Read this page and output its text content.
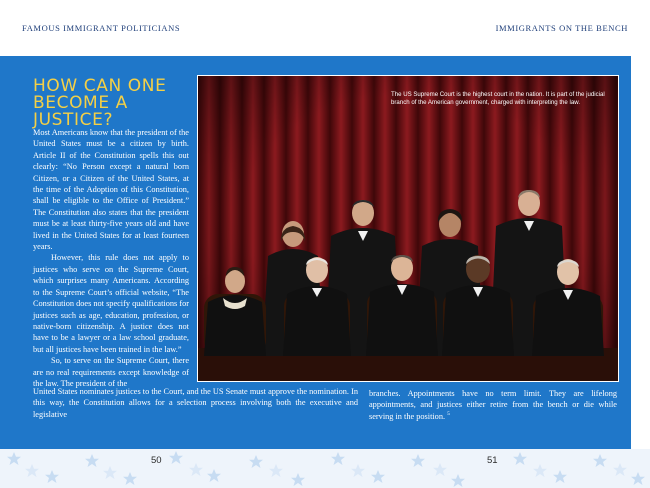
FAMOUS IMMIGRANT POLITICIANS	IMMIGRANTS ON THE BENCH
HOW CAN ONE BECOME A JUSTICE?

Most Americans know that the president of the United States must be a citizen by birth. Article II of the Constitution spells this out clearly: “No Person except a natural born Citizen, or a Citizen of the United States, at the time of the Adoption of this Constitution, shall be eligible to the Office of President.” The Constitution also states that the president must be at least thirty-five years old and have lived in the United States for at least fourteen years.

However, this rule does not apply to justices who serve on the Supreme Court, which surprises many Americans. According to the Supreme Court’s official website, “The Constitution does not specify qualifications for justices such as age, education, profession, or native-born citizenship. A justice does not have to be a lawyer or a law school graduate, but all justices have been trained in the law.”

So, to serve on the Supreme Court, there are no real requirements except knowledge of the law. The president of the

United States nominates justices to the Court, and the US Senate must approve the nomination. In this way, the Constitution allows for a selection process involving both the executive and legislative

branches. Appointments have no term limit. They are lifelong appointments, and justices either retire from the bench or die while serving in the position. $^5$

The US Supreme Court is the highest court in the nation. It is part of the judicial branch of the American government, charged with interpreting the law.
50	51
